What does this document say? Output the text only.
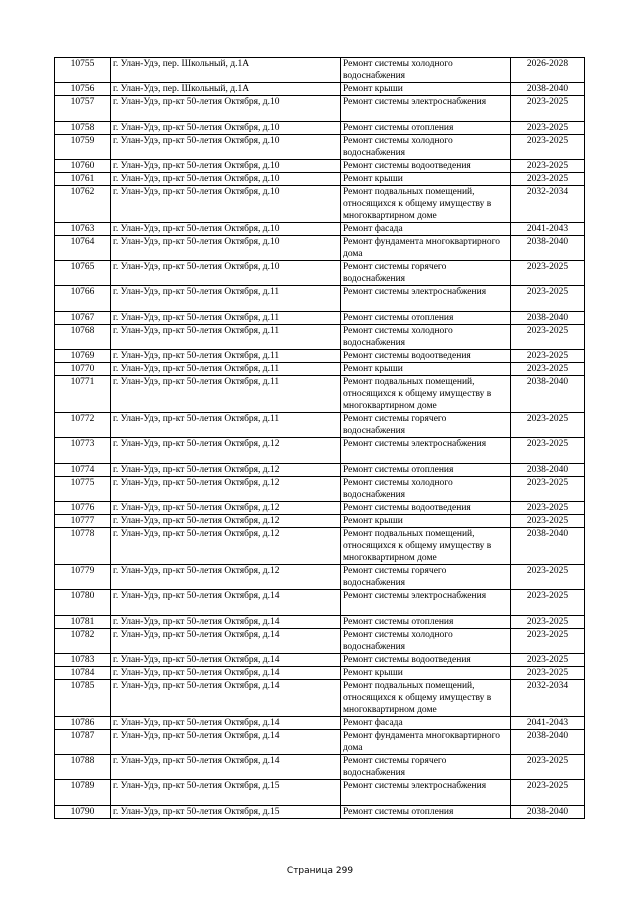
10755	г. Улан-Удэ, пер. Школьный, д.1А	Ремонт системы холодного водоснабжения	2026-2028
10756	г. Улан-Удэ, пер. Школьный, д.1А	Ремонт крыши	2038-2040
10757	г. Улан-Удэ, пр-кт 50-летия Октября, д.10	Ремонт системы электроснабжения	2023-2025
10758	г. Улан-Удэ, пр-кт 50-летия Октября, д.10	Ремонт системы отопления	2023-2025
10759	г. Улан-Удэ, пр-кт 50-летия Октября, д.10	Ремонт системы холодного водоснабжения	2023-2025
10760	г. Улан-Удэ, пр-кт 50-летия Октября, д.10	Ремонт системы водоотведения	2023-2025
10761	г. Улан-Удэ, пр-кт 50-летия Октября, д.10	Ремонт крыши	2023-2025
10762	г. Улан-Удэ, пр-кт 50-летия Октября, д.10	Ремонт подвальных помещений, относящихся к общему имуществу в многоквартирном доме	2032-2034
10763	г. Улан-Удэ, пр-кт 50-летия Октября, д.10	Ремонт фасада	2041-2043
10764	г. Улан-Удэ, пр-кт 50-летия Октября, д.10	Ремонт фундамента многоквартирного дома	2038-2040
10765	г. Улан-Удэ, пр-кт 50-летия Октября, д.10	Ремонт системы горячего водоснабжения	2023-2025
10766	г. Улан-Удэ, пр-кт 50-летия Октября, д.11	Ремонт системы электроснабжения	2023-2025
10767	г. Улан-Удэ, пр-кт 50-летия Октября, д.11	Ремонт системы отопления	2038-2040
10768	г. Улан-Удэ, пр-кт 50-летия Октября, д.11	Ремонт системы холодного водоснабжения	2023-2025
10769	г. Улан-Удэ, пр-кт 50-летия Октября, д.11	Ремонт системы водоотведения	2023-2025
10770	г. Улан-Удэ, пр-кт 50-летия Октября, д.11	Ремонт крыши	2023-2025
10771	г. Улан-Удэ, пр-кт 50-летия Октября, д.11	Ремонт подвальных помещений, относящихся к общему имуществу в многоквартирном доме	2038-2040
10772	г. Улан-Удэ, пр-кт 50-летия Октября, д.11	Ремонт системы горячего водоснабжения	2023-2025
10773	г. Улан-Удэ, пр-кт 50-летия Октября, д.12	Ремонт системы электроснабжения	2023-2025
10774	г. Улан-Удэ, пр-кт 50-летия Октября, д.12	Ремонт системы отопления	2038-2040
10775	г. Улан-Удэ, пр-кт 50-летия Октября, д.12	Ремонт системы холодного водоснабжения	2023-2025
10776	г. Улан-Удэ, пр-кт 50-летия Октября, д.12	Ремонт системы водоотведения	2023-2025
10777	г. Улан-Удэ, пр-кт 50-летия Октября, д.12	Ремонт крыши	2023-2025
10778	г. Улан-Удэ, пр-кт 50-летия Октября, д.12	Ремонт подвальных помещений, относящихся к общему имуществу в многоквартирном доме	2038-2040
10779	г. Улан-Удэ, пр-кт 50-летия Октября, д.12	Ремонт системы горячего водоснабжения	2023-2025
10780	г. Улан-Удэ, пр-кт 50-летия Октября, д.14	Ремонт системы электроснабжения	2023-2025
10781	г. Улан-Удэ, пр-кт 50-летия Октября, д.14	Ремонт системы отопления	2023-2025
10782	г. Улан-Удэ, пр-кт 50-летия Октября, д.14	Ремонт системы холодного водоснабжения	2023-2025
10783	г. Улан-Удэ, пр-кт 50-летия Октября, д.14	Ремонт системы водоотведения	2023-2025
10784	г. Улан-Удэ, пр-кт 50-летия Октября, д.14	Ремонт крыши	2023-2025
10785	г. Улан-Удэ, пр-кт 50-летия Октября, д.14	Ремонт подвальных помещений, относящихся к общему имуществу в многоквартирном доме	2032-2034
10786	г. Улан-Удэ, пр-кт 50-летия Октября, д.14	Ремонт фасада	2041-2043
10787	г. Улан-Удэ, пр-кт 50-летия Октября, д.14	Ремонт фундамента многоквартирного дома	2038-2040
10788	г. Улан-Удэ, пр-кт 50-летия Октября, д.14	Ремонт системы горячего водоснабжения	2023-2025
10789	г. Улан-Удэ, пр-кт 50-летия Октября, д.15	Ремонт системы электроснабжения	2023-2025
10790	г. Улан-Удэ, пр-кт 50-летия Октября, д.15	Ремонт системы отопления	2038-2040
Страница 299
